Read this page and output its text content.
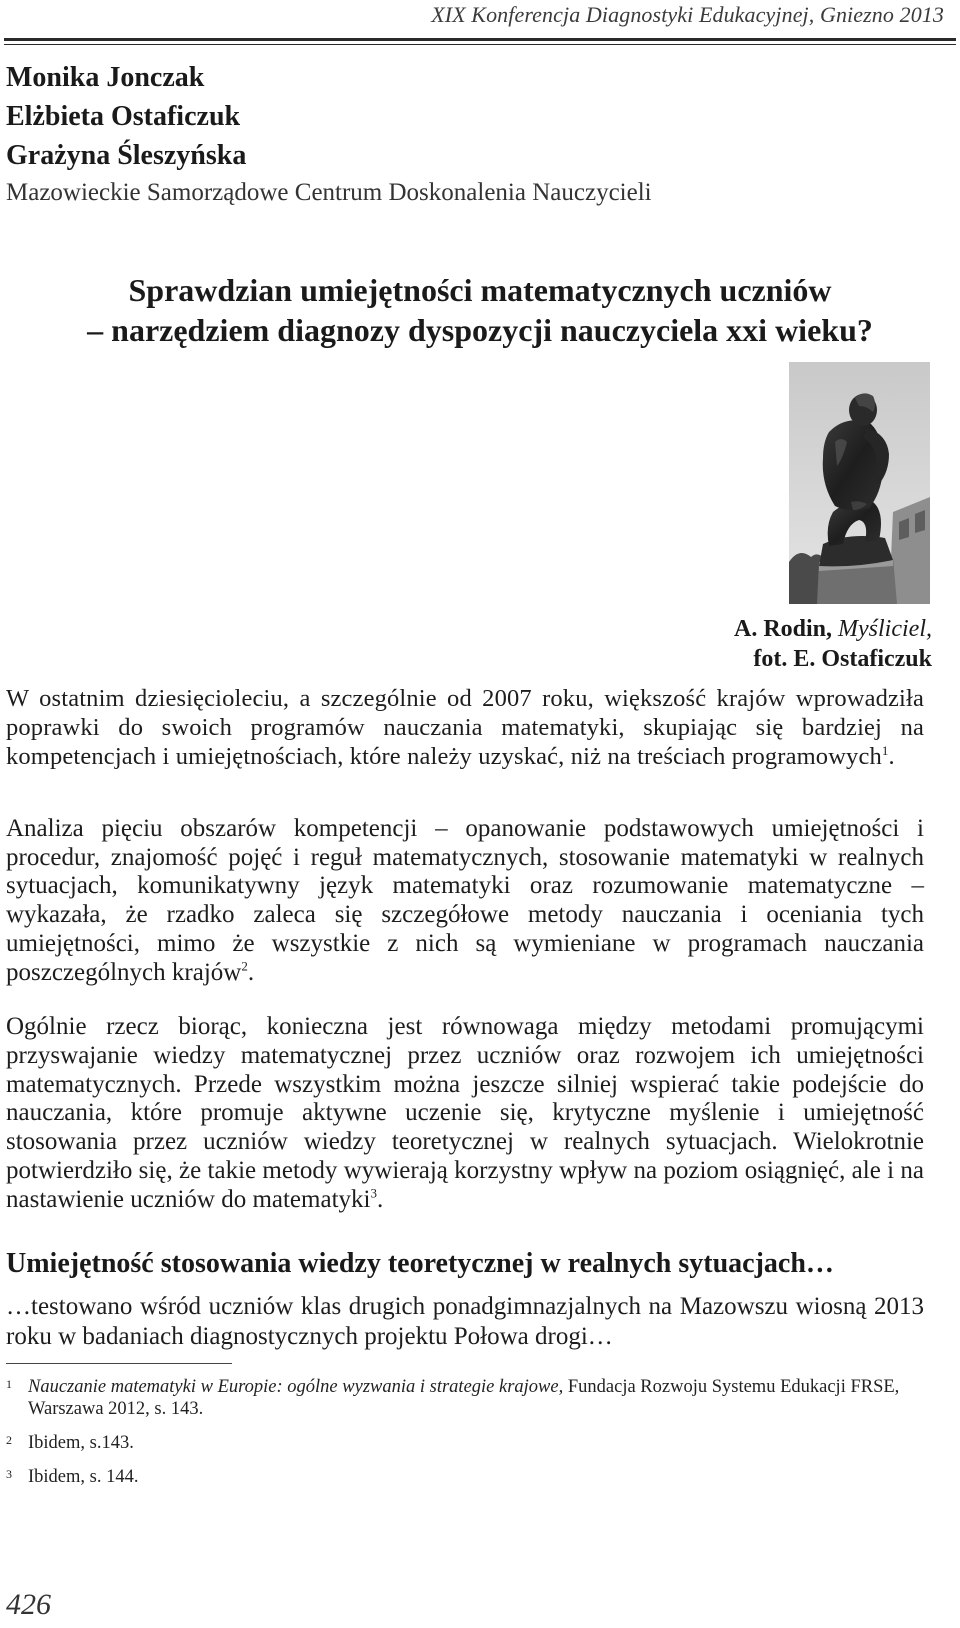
XIX Konferencja Diagnostyki Edukacyjnej, Gniezno 2013
Monika Jonczak
Elżbieta Ostaficzuk
Grażyna Śleszyńska
Mazowieckie Samorządowe Centrum Doskonalenia Nauczycieli
Sprawdzian umiejętności matematycznych uczniów
– narzędziem diagnozy dyspozycji nauczyciela xxi wieku?
A. Rodin, Myśliciel,
fot. E. Ostaficzuk

W ostatnim dziesięcioleciu, a szczególnie od 2007 roku, większość krajów wprowadziła poprawki do swoich programów nauczania matematyki, skupiając się bardziej na kompetencjach i umiejętnościach, które należy uzyskać, niż na treściach programowych$^1$.

Analiza pięciu obszarów kompetencji – opanowanie podstawowych umiejętności i procedur, znajomość pojęć i reguł matematycznych, stosowanie matematyki w realnych sytuacjach, komunikatywny język matematyki oraz rozumowanie matematyczne – wykazała, że rzadko zaleca się szczegółowe metody nauczania i oceniania tych umiejętności, mimo że wszystkie z nich są wymieniane w programach nauczania poszczególnych krajów$^2$.

Ogólnie rzecz biorąc, konieczna jest równowaga między metodami promującymi przyswajanie wiedzy matematycznej przez uczniów oraz rozwojem ich umiejętności matematycznych. Przede wszystkim można jeszcze silniej wspierać takie podejście do nauczania, które promuje aktywne uczenie się, krytyczne myślenie i umiejętność stosowania przez uczniów wiedzy teoretycznej w realnych sytuacjach. Wielokrotnie potwierdziło się, że takie metody wywierają korzystny wpływ na poziom osiągnięć, ale i na nastawienie uczniów do matematyki$^3$.

Umiejętność stosowania wiedzy teoretycznej w realnych sytuacjach…

…testowano wśród uczniów klas drugich ponadgimnazjalnych na Mazowszu wiosną 2013 roku w badaniach diagnostycznych projektu Połowa drogi…

1 Nauczanie matematyki w Europie: ogólne wyzwania i strategie krajowe, Fundacja Rozwoju Systemu Edukacji FRSE, Warszawa 2012, s. 143.
2 Ibidem, s.143.
3 Ibidem, s. 144.
426
